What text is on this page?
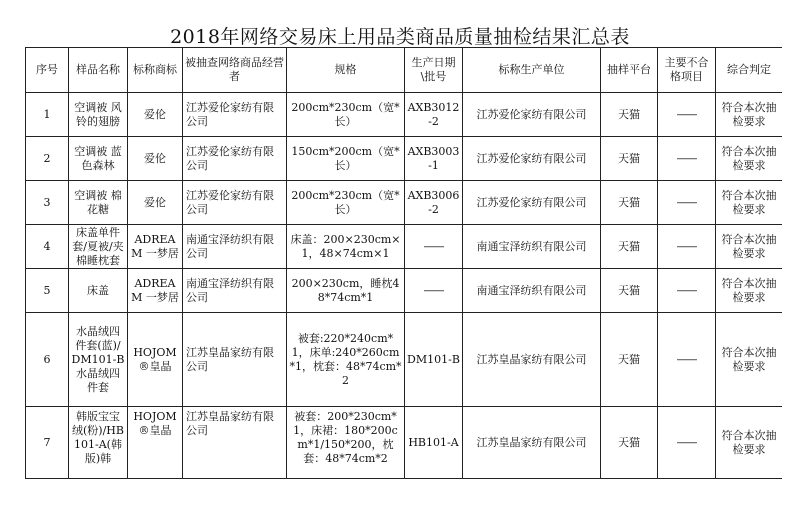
2018年网络交易床上用品类商品质量抽检结果汇总表
序号	样品名称	标称商标	被抽查网络商品经营者	规格	生产日期\批号	标称生产单位	抽样平台	主要不合格项目	综合判定
1	空调被 风铃的翅膀	爱伦	江苏爱伦家纺有限公司	200cm*230cm（宽*长）	AXB3012-2	江苏爱伦家纺有限公司	天猫	——	符合本次抽检要求
2	空调被 蓝色森林	爱伦	江苏爱伦家纺有限公司	150cm*200cm（宽*长）	AXB3003-1	江苏爱伦家纺有限公司	天猫	——	符合本次抽检要求
3	空调被 棉花糖	爱伦	江苏爱伦家纺有限公司	200cm*230cm（宽*长）	AXB3006-2	江苏爱伦家纺有限公司	天猫	——	符合本次抽检要求
4	床盖单件套/夏被/夹棉睡枕套	ADREAM 一梦居	南通宝泽纺织有限公司	床盖：200×230cm×1，48×74cm×1	——	南通宝泽纺织有限公司	天猫	——	符合本次抽检要求
5	床盖	ADREAM 一梦居	南通宝泽纺织有限公司	200×230cm，睡枕48*74cm*1	——	南通宝泽纺织有限公司	天猫	——	符合本次抽检要求
6	水晶绒四件套(蓝)/DM101-B水晶绒四件套	HOJOM®皇晶	江苏皇晶家纺有限公司	被套:220*240cm*1，床单:240*260cm*1，枕套：48*74cm*2	DM101-B	江苏皇晶家纺有限公司	天猫	——	符合本次抽检要求
7	韩版宝宝绒(粉)/HB101-A(韩版)韩	HOJOM®皇晶	江苏皇晶家纺有限公司	被套：200*230cm*1，床裙：180*200cm*1/150*200，枕套：48*74cm*2	HB101-A	江苏皇晶家纺有限公司	天猫	——	符合本次抽检要求
